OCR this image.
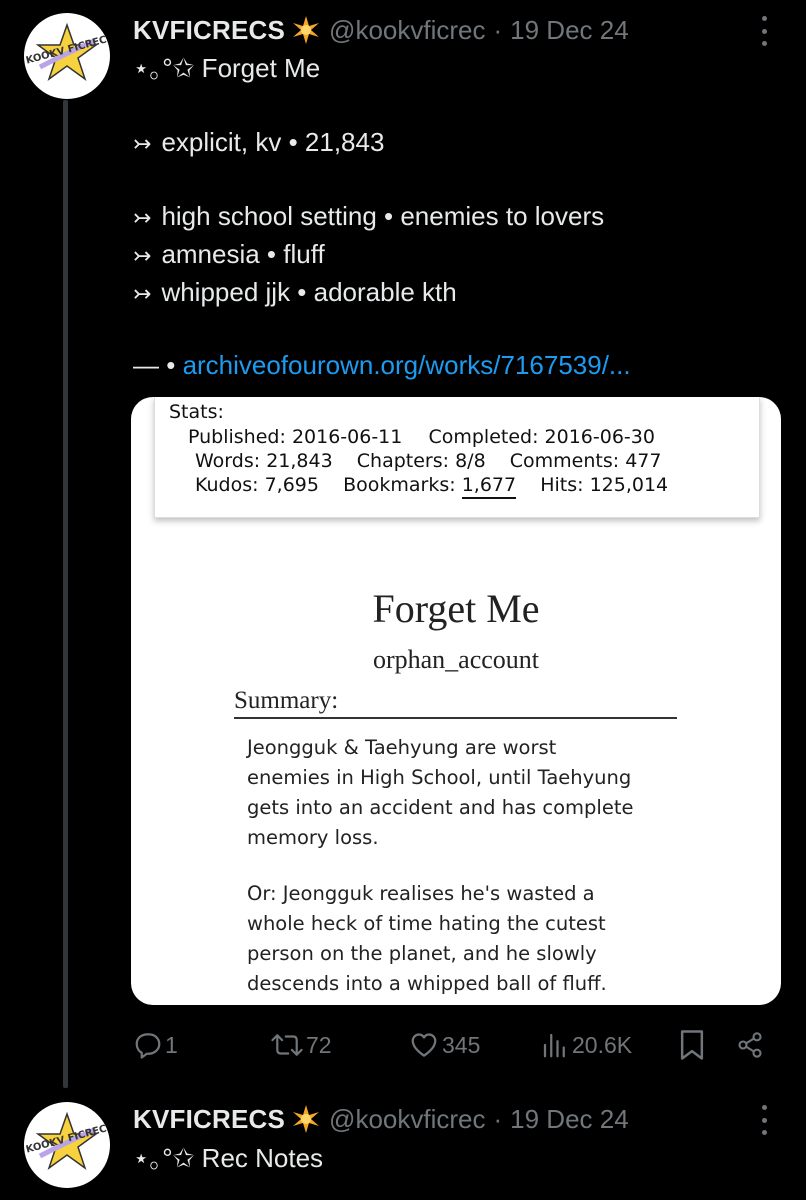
KOOKV FICREC
KVFICRECS @kookvficrec · 19 Dec 24
⋆｡°✩ Forget Me
↣ explicit, kv • 21,843
↣ high school setting • enemies to lovers
↣ amnesia • fluff
↣ whipped jjk • adorable kth
— • archiveofourown.org/works/7167539/...
Stats:
Published: 2016-06-11 Completed: 2016-06-30
Words: 21,843 Chapters: 8/8 Comments: 477
Kudos: 7,695 Bookmarks: 1,677 Hits: 125,014
Forget Me
orphan_account
Summary:
Jeongguk & Taehyung are worst
enemies in High School, until Taehyung
gets into an accident and has complete
memory loss.
Or: Jeongguk realises he's wasted a
whole heck of time hating the cutest
person on the planet, and he slowly
descends into a whipped ball of fluff.
1	72	345	20.6K
KOOKV FICREC
KVFICRECS @kookvficrec · 19 Dec 24
⋆｡°✩ Rec Notes
